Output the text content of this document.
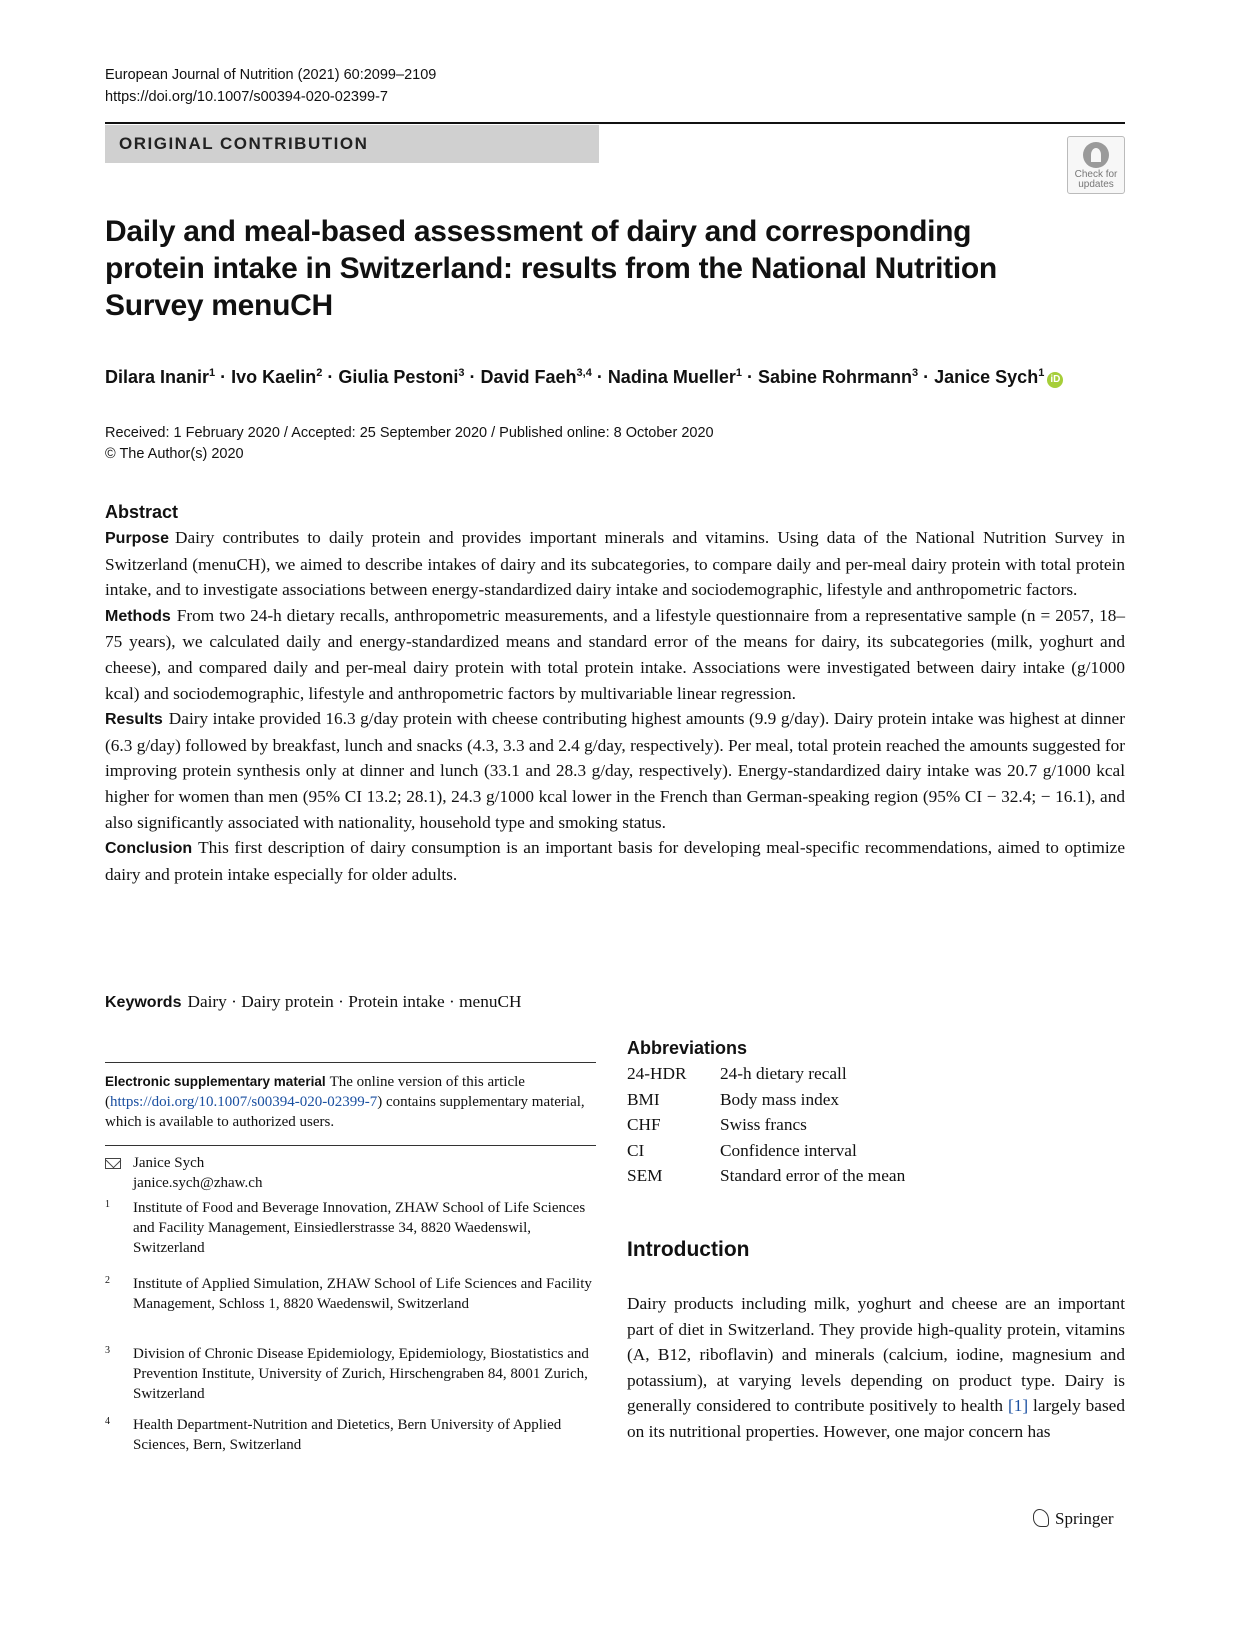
European Journal of Nutrition (2021) 60:2099–2109
https://doi.org/10.1007/s00394-020-02399-7
ORIGINAL CONTRIBUTION
Check for updates
Daily and meal-based assessment of dairy and corresponding protein intake in Switzerland: results from the National Nutrition Survey menuCH
Dilara Inanir$^1$ · Ivo Kaelin$^2$ · Giulia Pestoni$^3$ · David Faeh$^{3,4}$ · Nadina Mueller$^1$ · Sabine Rohrmann$^3$ · Janice Sych$^1$iD
Received: 1 February 2020 / Accepted: 25 September 2020 / Published online: 8 October 2020
© The Author(s) 2020
Abstract

Purpose Dairy contributes to daily protein and provides important minerals and vitamins. Using data of the National Nutrition Survey in Switzerland (menuCH), we aimed to describe intakes of dairy and its subcategories, to compare daily and per-meal dairy protein with total protein intake, and to investigate associations between energy-standardized dairy intake and sociodemographic, lifestyle and anthropometric factors.

Methods From two 24-h dietary recalls, anthropometric measurements, and a lifestyle questionnaire from a representative sample (n = 2057, 18–75 years), we calculated daily and energy-standardized means and standard error of the means for dairy, its subcategories (milk, yoghurt and cheese), and compared daily and per-meal dairy protein with total protein intake. Associations were investigated between dairy intake (g/1000 kcal) and sociodemographic, lifestyle and anthropometric factors by multivariable linear regression.

Results Dairy intake provided 16.3 g/day protein with cheese contributing highest amounts (9.9 g/day). Dairy protein intake was highest at dinner (6.3 g/day) followed by breakfast, lunch and snacks (4.3, 3.3 and 2.4 g/day, respectively). Per meal, total protein reached the amounts suggested for improving protein synthesis only at dinner and lunch (33.1 and 28.3 g/day, respectively). Energy-standardized dairy intake was 20.7 g/1000 kcal higher for women than men (95% CI 13.2; 28.1), 24.3 g/1000 kcal lower in the French than German-speaking region (95% CI − 32.4; − 16.1), and also significantly associated with nationality, household type and smoking status.

Conclusion This first description of dairy consumption is an important basis for developing meal-specific recommendations, aimed to optimize dairy and protein intake especially for older adults.

Keywords Dairy · Dairy protein · Protein intake · menuCH
Electronic supplementary material The online version of this article (https://doi.org/10.1007/s00394-020-02399-7) contains supplementary material, which is available to authorized users.
Janice Sych
janice.sych@zhaw.ch
1 Institute of Food and Beverage Innovation, ZHAW School of Life Sciences and Facility Management, Einsiedlerstrasse 34, 8820 Waedenswil, Switzerland
2 Institute of Applied Simulation, ZHAW School of Life Sciences and Facility Management, Schloss 1, 8820 Waedenswil, Switzerland
3 Division of Chronic Disease Epidemiology, Epidemiology, Biostatistics and Prevention Institute, University of Zurich, Hirschengraben 84, 8001 Zurich, Switzerland
4 Health Department-Nutrition and Dietetics, Bern University of Applied Sciences, Bern, Switzerland
Abbreviations
24-HDR	24-h dietary recall
BMI	Body mass index
CHF	Swiss francs
CI	Confidence interval
SEM	Standard error of the mean
Introduction
Dairy products including milk, yoghurt and cheese are an important part of diet in Switzerland. They provide high-quality protein, vitamins (A, B12, riboflavin) and minerals (calcium, iodine, magnesium and potassium), at varying levels depending on product type. Dairy is generally considered to contribute positively to health [1] largely based on its nutritional properties. However, one major concern has
Springer
